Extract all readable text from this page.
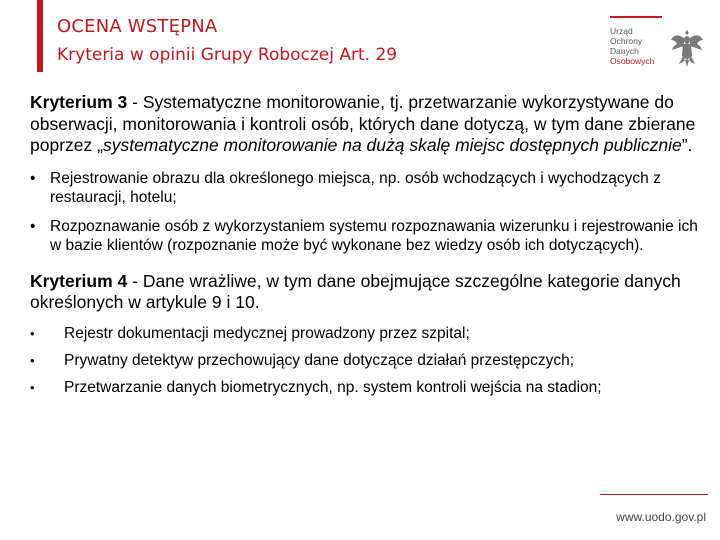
OCENA WSTĘPNA
Kryteria w opinii Grupy Roboczej Art. 29
Urząd
Ochrony
Danych
Osobowych

Kryterium 3 - Systematyczne monitorowanie, tj. przetwarzanie wykorzystywane do obserwacji, monitorowania i kontroli osób, których dane dotyczą, w tym dane zbierane poprzez „systematyczne monitorowanie na dużą skalę miejsc dostępnych publicznie”.

• Rejestrowanie obrazu dla określonego miejsca, np. osób wchodzących i wychodzących z restauracji, hotelu;
• Rozpoznawanie osób z wykorzystaniem systemu rozpoznawania wizerunku i rejestrowanie ich w bazie klientów (rozpoznanie może być wykonane bez wiedzy osób ich dotyczących).

Kryterium 4 - Dane wrażliwe, w tym dane obejmujące szczególne kategorie danych określonych w artykule 9 i 10.

• Rejestr dokumentacji medycznej prowadzony przez szpital;
• Prywatny detektyw przechowujący dane dotyczące działań przestępczych;
• Przetwarzanie danych biometrycznych, np. system kontroli wejścia na stadion;
www.uodo.gov.pl
